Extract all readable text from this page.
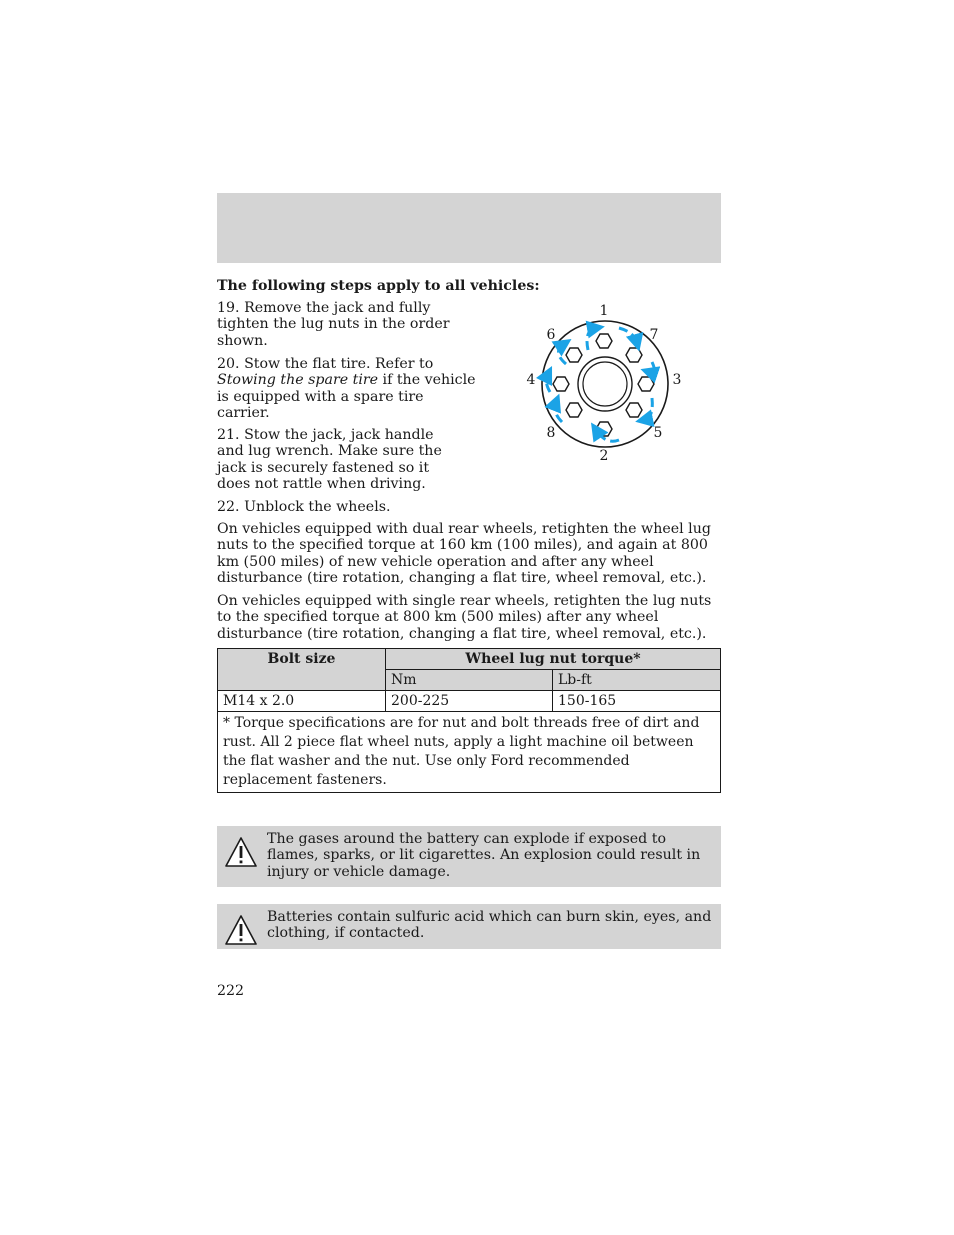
The following steps apply to all vehicles:

19. Remove the jack and fully tighten the lug nuts in the order shown.

20. Stow the flat tire. Refer to Stowing the spare tire if the vehicle is equipped with a spare tire carrier.

21. Stow the jack, jack handle and lug wrench. Make sure the jack is securely fastened so it does not rattle when driving.

22. Unblock the wheels.

On vehicles equipped with dual rear wheels, retighten the wheel lug nuts to the specified torque at 160 km (100 miles), and again at 800 km (500 miles) of new vehicle operation and after any wheel disturbance (tire rotation, changing a flat tire, wheel removal, etc.).

On vehicles equipped with single rear wheels, retighten the lug nuts to the specified torque at 800 km (500 miles) after any wheel disturbance (tire rotation, changing a flat tire, wheel removal, etc.).

1
2
3
4
5
6	7
8
Bolt size	Wheel lug nut torque*	
	Nm	Lb-ft
M14 x 2.0	200-225	150-165
* Torque specifications are for nut and bolt threads free of dirt and rust. All 2 piece flat wheel nuts, apply a light machine oil between the flat washer and the nut. Use only Ford recommended replacement fasteners.		
The gases around the battery can explode if exposed to flames, sparks, or lit cigarettes. An explosion could result in injury or vehicle damage.
Batteries contain sulfuric acid which can burn skin, eyes, and clothing, if contacted.
222
